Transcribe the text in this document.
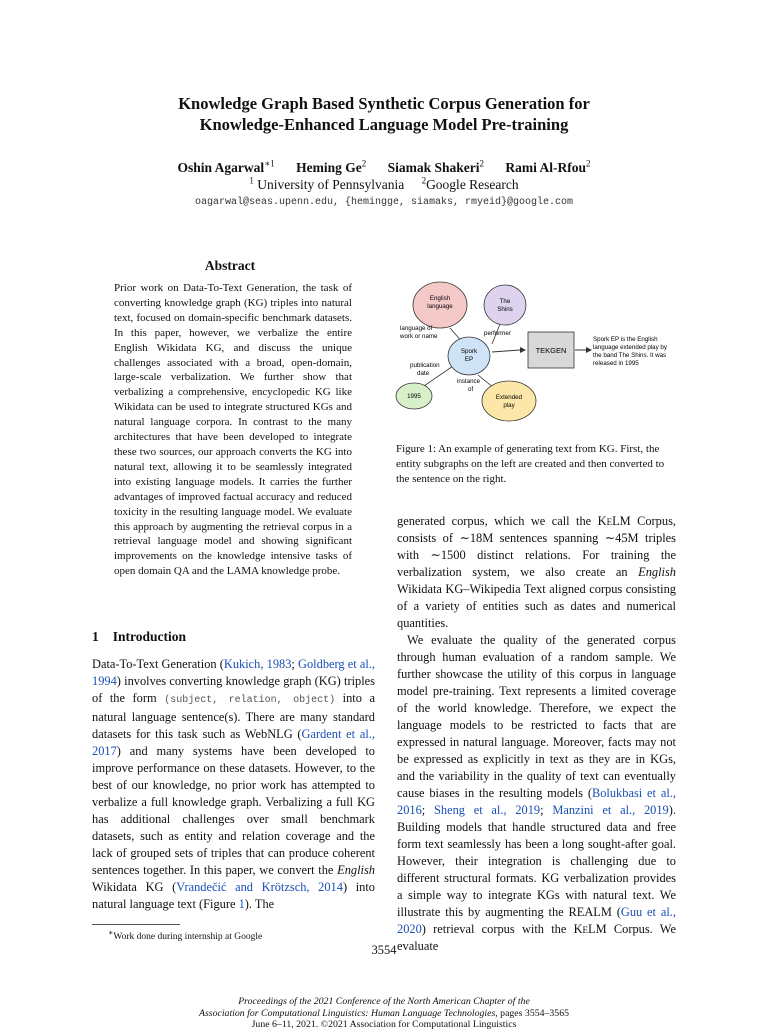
Knowledge Graph Based Synthetic Corpus Generation for
Knowledge-Enhanced Language Model Pre-training
Oshin Agarwal$^{∗1}$ Heming Ge$^2$ Siamak Shakeri$^2$ Rami Al-Rfou$^2$
$^1$ University of Pennsylvania $^2$Google Research
oagarwal@seas.upenn.edu, {hemingge, siamaks, rmyeid}@google.com
Abstract
Prior work on Data-To-Text Generation, the task of converting knowledge graph (KG) triples into natural text, focused on domain-specific benchmark datasets. In this paper, however, we verbalize the entire English Wikidata KG, and discuss the unique challenges associated with a broad, open-domain, large-scale verbalization. We further show that verbalizing a comprehensive, encyclopedic KG like Wikidata can be used to integrate structured KGs and natural language corpora. In contrast to the many architectures that have been developed to integrate these two sources, our approach converts the KG into natural text, allowing it to be seamlessly integrated into existing language models. It carries the further advantages of improved factual accuracy and reduced toxicity in the resulting language model. We evaluate this approach by augmenting the retrieval corpus in a retrieval language model and showing significant improvements on the knowledge intensive tasks of open domain QA and the LAMA knowledge probe.
1 Introduction
Data-To-Text Generation (Kukich, 1983; Goldberg et al., 1994) involves converting knowledge graph (KG) triples of the form (subject, relation, object) into a natural language sentence(s). There are many standard datasets for this task such as WebNLG (Gardent et al., 2017) and many systems have been developed to improve performance on these datasets. However, to the best of our knowledge, no prior work has attempted to verbalize a full knowledge graph. Verbalizing a full KG has additional challenges over small benchmark datasets, such as entity and relation coverage and the lack of grouped sets of triples that can produce coherent sentences together. In this paper, we convert the English Wikidata KG (Vrandečić and Krötzsch, 2014) into natural language text (Figure 1). The
English
language
The
Shins
Spork
EP
1995	Extended
play
language of
work or name	performer
publication
date
instance
of
TEKGEN
Spork EP is the English
language extended play by
the band The Shins. It was
released in 1995
Figure 1: An example of generating text from KG. First, the entity subgraphs on the left are created and then converted to the sentence on the right.

generated corpus, which we call the KeLM Corpus, consists of ∼18M sentences spanning ∼45M triples with ∼1500 distinct relations. For training the verbalization system, we also create an English Wikidata KG–Wikipedia Text aligned corpus consisting of a variety of entities such as dates and numerical quantities.

We evaluate the quality of the generated corpus through human evaluation of a random sample. We further showcase the utility of this corpus in language model pre-training. Text represents a limited coverage of the world knowledge. Therefore, we expect the language models to be restricted to facts that are expressed in natural language. Moreover, facts may not be expressed as explicitly in text as they are in KGs, and the variability in the quality of text can eventually cause biases in the resulting models (Bolukbasi et al., 2016; Sheng et al., 2019; Manzini et al., 2019). Building models that handle structured data and free form text seamlessly has been a long sought-after goal. However, their integration is challenging due to different structural formats. KG verbalization provides a simple way to integrate KGs with natural text. We illustrate this by augmenting the REALM (Guu et al., 2020) retrieval corpus with the KeLM Corpus. We evaluate

∗Work done during internship at Google
3554
Proceedings of the 2021 Conference of the North American Chapter of the
Association for Computational Linguistics: Human Language Technologies, pages 3554–3565
June 6–11, 2021. ©2021 Association for Computational Linguistics
